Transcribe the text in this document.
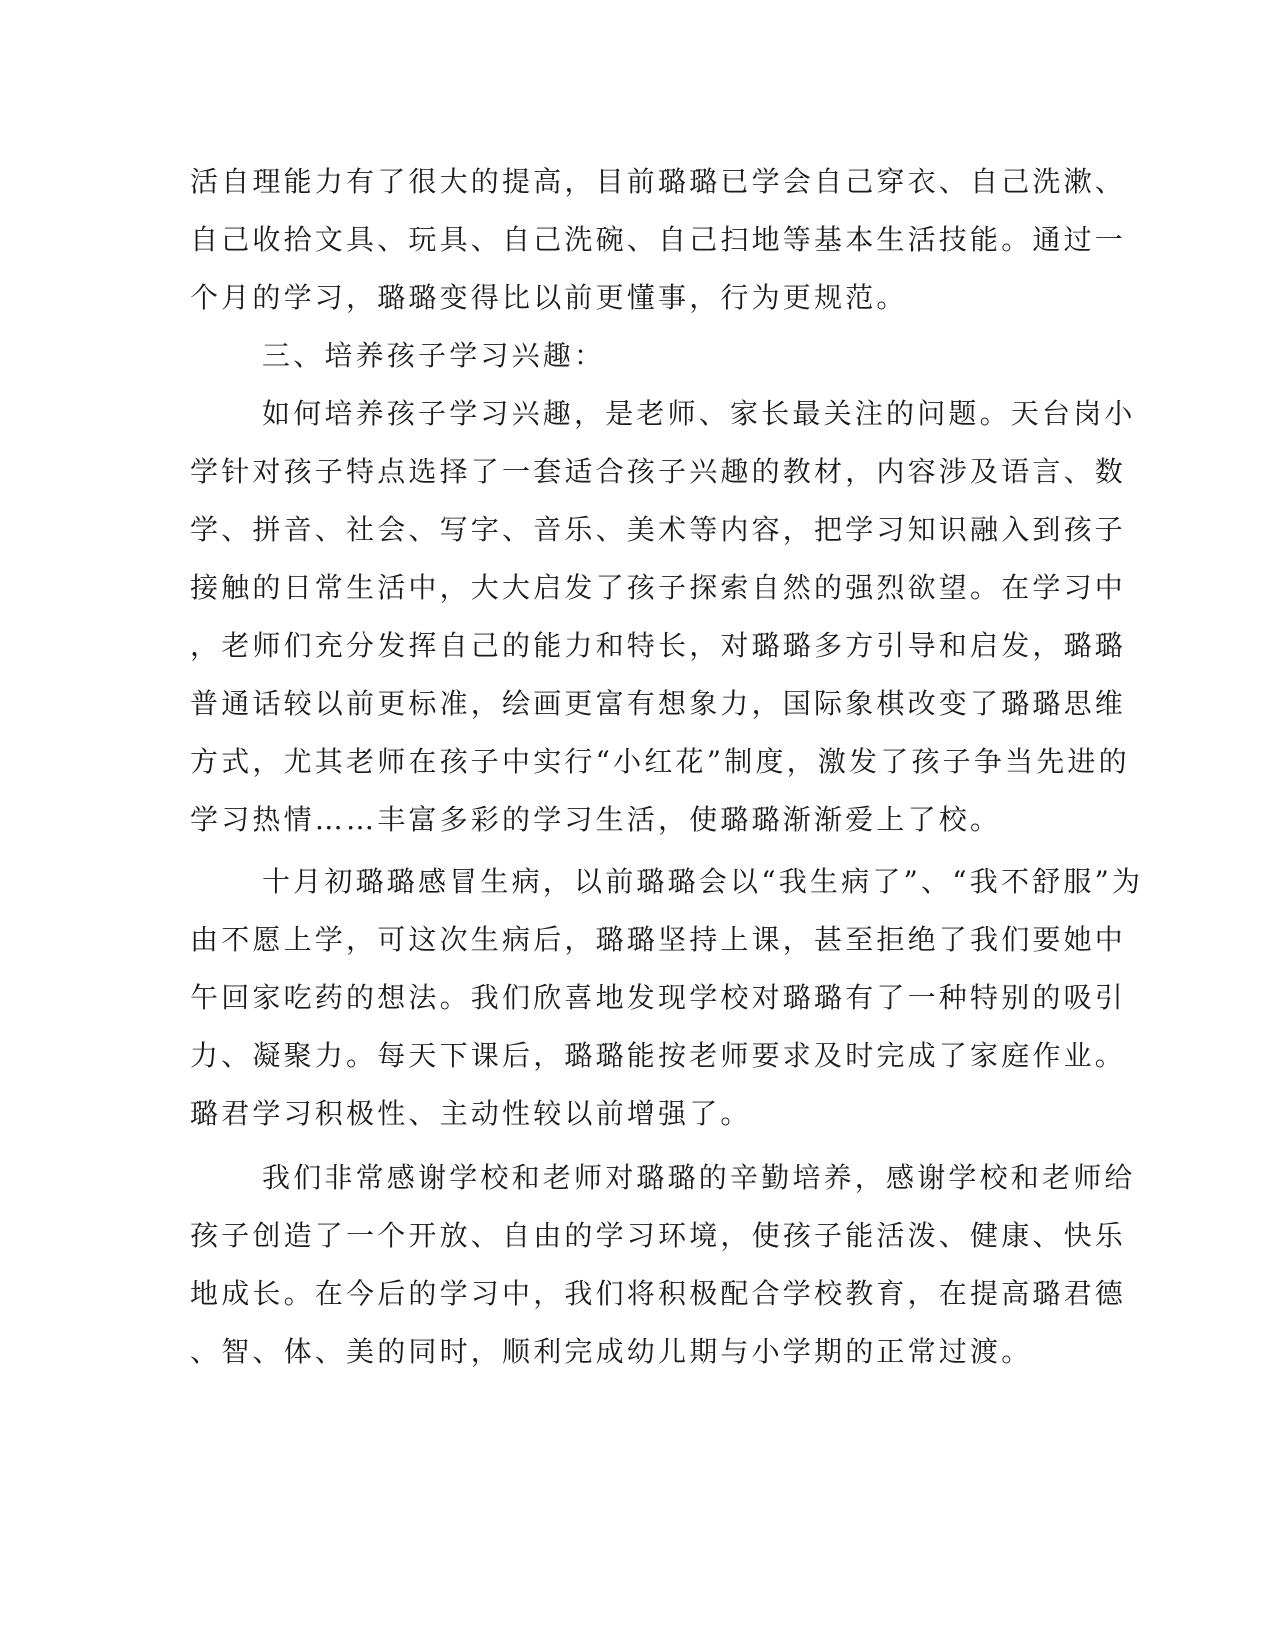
活自理能力有了很大的提高，目前璐璐已学会自己穿衣、自己洗漱、
自己收拾文具、玩具、自己洗碗、自己扫地等基本生活技能。通过一
个月的学习，璐璐变得比以前更懂事，行为更规范。
三、培养孩子学习兴趣：
如何培养孩子学习兴趣，是老师、家长最关注的问题。天台岗小
学针对孩子特点选择了一套适合孩子兴趣的教材，内容涉及语言、数
学、拼音、社会、写字、音乐、美术等内容，把学习知识融入到孩子
接触的日常生活中，大大启发了孩子探索自然的强烈欲望。在学习中
，老师们充分发挥自己的能力和特长，对璐璐多方引导和启发，璐璐
普通话较以前更标准，绘画更富有想象力，国际象棋改变了璐璐思维
方式，尤其老师在孩子中实行“小红花”制度，激发了孩子争当先进的
学习热情……丰富多彩的学习生活，使璐璐渐渐爱上了校。
十月初璐璐感冒生病，以前璐璐会以“我生病了”、“我不舒服”为
由不愿上学，可这次生病后，璐璐坚持上课，甚至拒绝了我们要她中
午回家吃药的想法。我们欣喜地发现学校对璐璐有了一种特别的吸引
力、凝聚力。每天下课后，璐璐能按老师要求及时完成了家庭作业。
璐君学习积极性、主动性较以前增强了。
我们非常感谢学校和老师对璐璐的辛勤培养，感谢学校和老师给
孩子创造了一个开放、自由的学习环境，使孩子能活泼、健康、快乐
地成长。在今后的学习中，我们将积极配合学校教育，在提高璐君德
、智、体、美的同时，顺利完成幼儿期与小学期的正常过渡。
